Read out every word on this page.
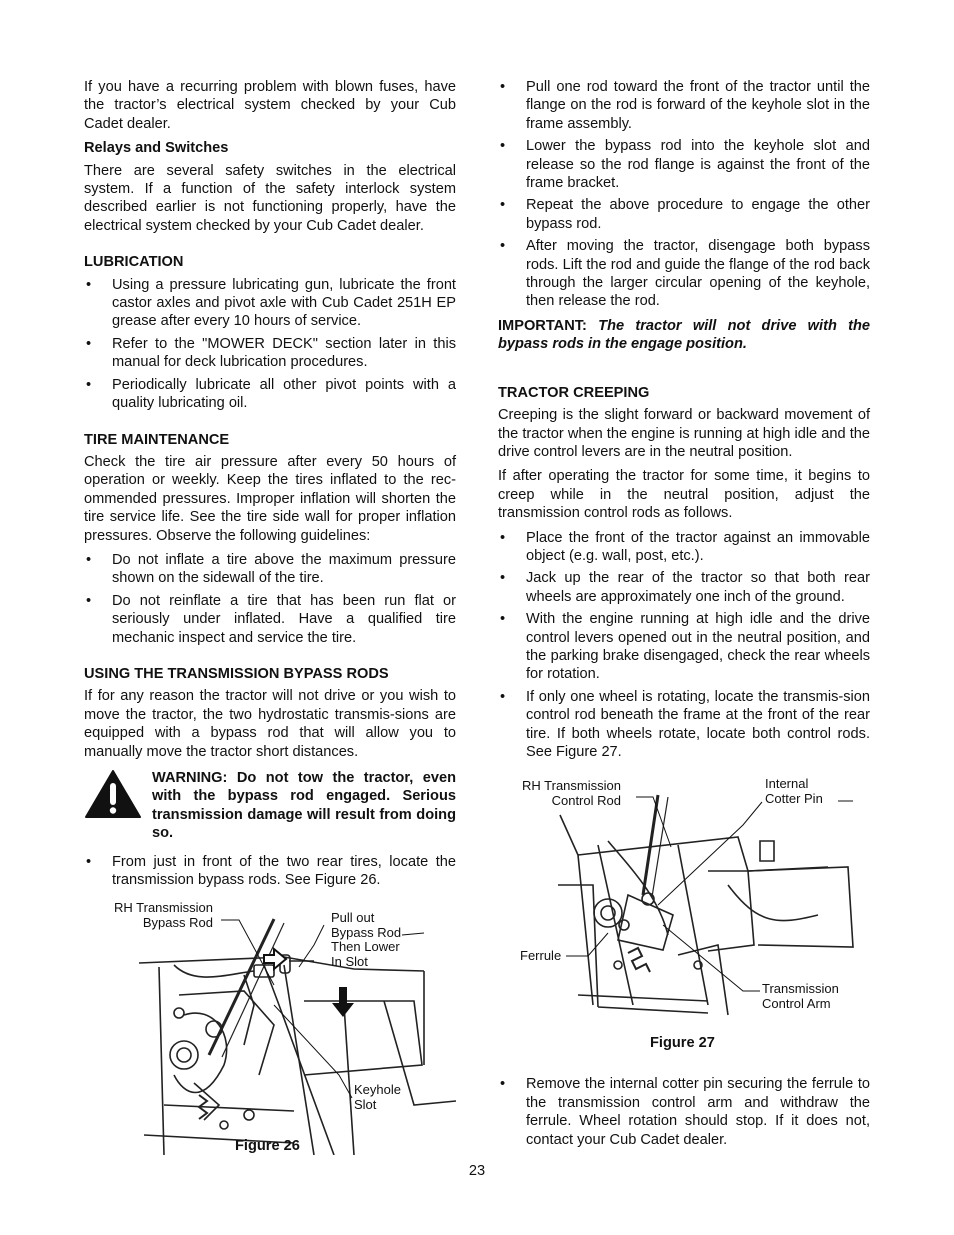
If you have a recurring problem with blown fuses, have the tractor’s electrical system checked by your Cub Cadet dealer.

Relays and Switches

There are several safety switches in the electrical system. If a function of the safety interlock system described earlier is not functioning properly, have the electrical system checked by your Cub Cadet dealer.

LUBRICATION
• Using a pressure lubricating gun, lubricate the front castor axles and pivot axle with Cub Cadet 251H EP grease after every 10 hours of service.
• Refer to the "MOWER DECK" section later in this manual for deck lubrication procedures.
• Periodically lubricate all other pivot points with a quality lubricating oil.
TIRE MAINTENANCE

Check the tire air pressure after every 50 hours of operation or weekly. Keep the tires inflated to the rec-ommended pressures. Improper inflation will shorten the tire service life. See the tire side wall for proper inflation pressures. Observe the following guidelines:

• Do not inflate a tire above the maximum pressure shown on the sidewall of the tire.
• Do not reinflate a tire that has been run flat or seriously under inflated. Have a qualified tire mechanic inspect and service the tire.
USING THE TRANSMISSION BYPASS RODS

If for any reason the tractor will not drive or you wish to move the tractor, the two hydrostatic transmis-sions are equipped with a bypass rod that will allow you to manually move the tractor short distances.

WARNING: Do not tow the tractor, even with the bypass rod engaged. Serious transmission damage will result from doing so.
• From just in front of the two rear tires, locate the transmission bypass rods. See Figure 26.
RH Transmission
Bypass Rod	Pull out
Bypass Rod
Then Lower
In Slot
Keyhole
Slot
Figure 26
• Pull one rod toward the front of the tractor until the flange on the rod is forward of the keyhole slot in the frame assembly.
• Lower the bypass rod into the keyhole slot and release so the rod flange is against the front of the frame bracket.
• Repeat the above procedure to engage the other bypass rod.
• After moving the tractor, disengage both bypass rods. Lift the rod and guide the flange of the rod back through the larger circular opening of the keyhole, then release the rod.

IMPORTANT: The tractor will not drive with the bypass rods in the engage position.

TRACTOR CREEPING

Creeping is the slight forward or backward movement of the tractor when the engine is running at high idle and the drive control levers are in the neutral position.

If after operating the tractor for some time, it begins to creep while in the neutral position, adjust the transmission control rods as follows.

• Place the front of the tractor against an immovable object (e.g. wall, post, etc.).
• Jack up the rear of the tractor so that both rear wheels are approximately one inch of the ground.
• With the engine running at high idle and the drive control levers opened out in the neutral position, and the parking brake disengaged, check the rear wheels for rotation.
• If only one wheel is rotating, locate the transmis-sion control rod beneath the frame at the front of the rear tire. If both wheels rotate, locate both control rods. See Figure 27.
RH Transmission
Control Rod
Internal
Cotter Pin
Ferrule
Transmission
Control Arm
Figure 27
• Remove the internal cotter pin securing the ferrule to the transmission control arm and withdraw the ferrule. Wheel rotation should stop. If it does not, contact your Cub Cadet dealer.
23
